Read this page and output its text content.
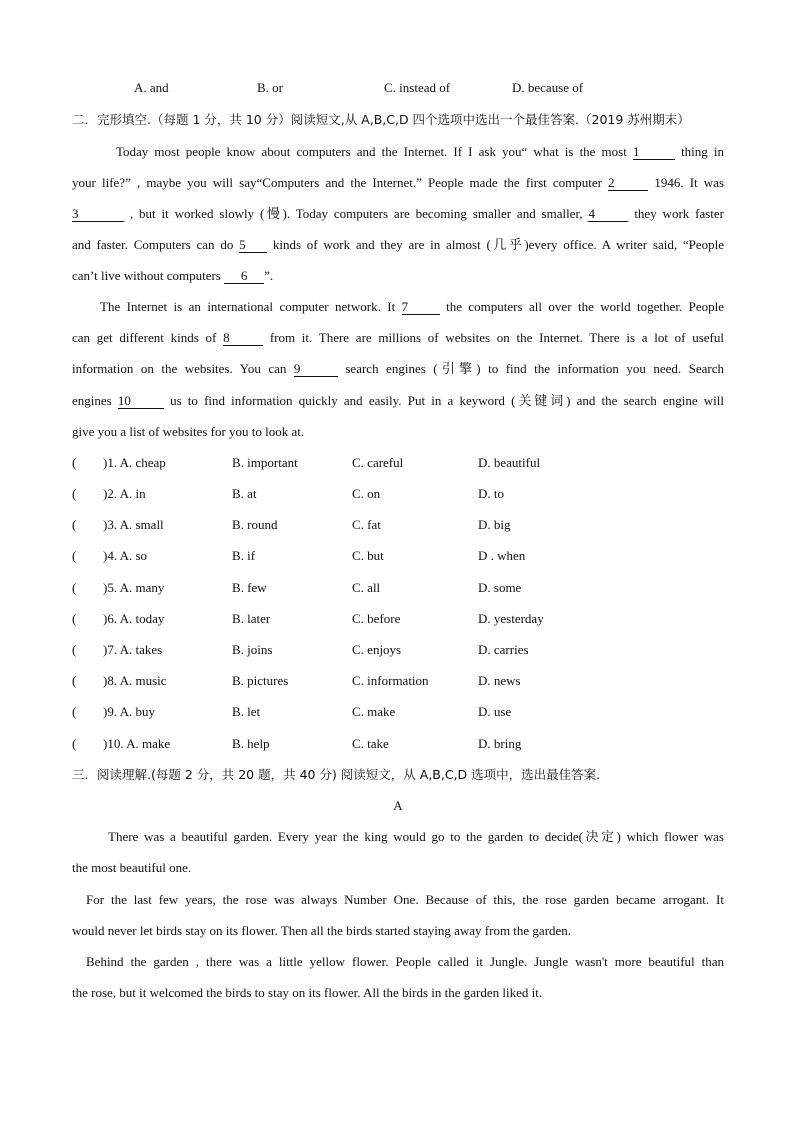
A. and	B. or	C. instead of	D. because of
二．完形填空.（每题 1 分，共 10 分）阅读短文,从 A,B,C,D 四个选项中选出一个最佳答案.（2019 苏州期末）
Today most people know about computers and the Internet. If I ask you“ what is the most 1	thing in
your life?” , maybe you will say“Computers and the Internet.” People made the first computer 2	1946. It was
3	, but it worked slowly (慢). Today computers are becoming smaller and smaller, 4	they work faster
and faster. Computers can do 5 kinds of work and they are in almost (几乎)every office. A writer said, “People
can’t live without computers 6 ”.
The Internet is an international computer network. It 7	the computers all over the world together. People
can get different kinds of 8	from it. There are millions of websites on the Internet. There is a lot of useful
information on the websites. You can 9	search engines (引擎) to find the information you need. Search
engines 10	us to find information quickly and easily. Put in a keyword (关键词) and the search engine will
give you a list of websites for you to look at.
( )1. A. cheap	B. important	C. careful	D. beautiful
( )2. A. in	B. at	C. on	D. to
( )3. A. small	B. round	C. fat	D. big
( )4. A. so	B. if	C. but	D . when
( )5. A. many	B. few	C. all	D. some
( )6. A. today	B. later	C. before	D. yesterday
( )7. A. takes	B. joins	C. enjoys	D. carries
( )8. A. music	B. pictures	C. information	D. news
( )9. A. buy	B. let	C. make	D. use
( )10. A. make	B. help	C. take	D. bring
三．阅读理解.(每题 2 分，共 20 题，共 40 分) 阅读短文，从 A,B,C,D 选项中，选出最佳答案.
A
There was a beautiful garden. Every year the king would go to the garden to decide(决定) which flower was
the most beautiful one.
For the last few years, the rose was always Number One. Because of this, the rose garden became arrogant. It
would never let birds stay on its flower. Then all the birds started staying away from the garden.
Behind the garden , there was a little yellow flower. People called it Jungle. Jungle wasn't more beautiful than
the rose, but it welcomed the birds to stay on its flower. All the birds in the garden liked it.
